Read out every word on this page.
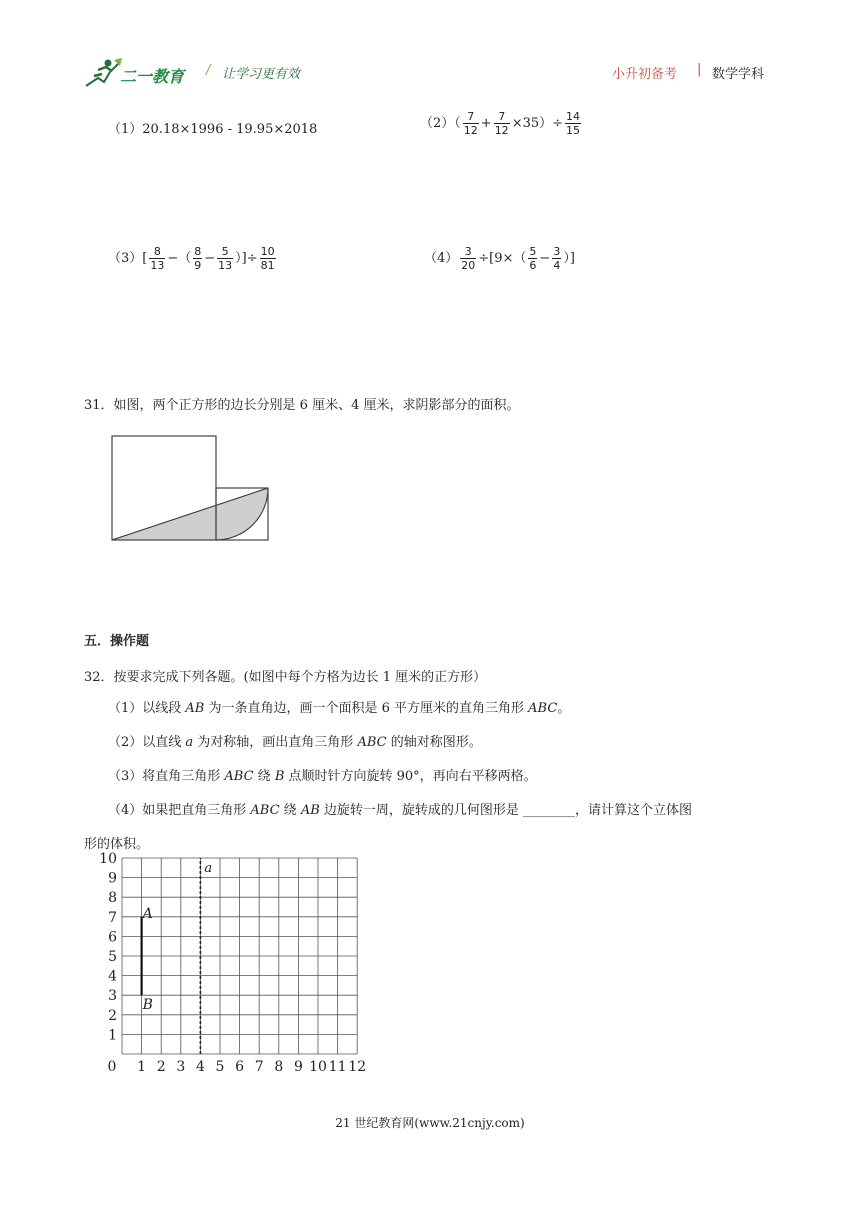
二一教育 / 让学习更有效	小升初备考 | 数学学科
（1）20.18×1996 - 19.95×2018	$(2)( \frac{7}{12} + \frac{7}{12} \times 35)\div \frac{14}{15}$
$(3)[ \frac{8}{13}$ −（ $\frac{8}{9} - \frac{5}{13}$ ）]÷ $\frac{10}{81}$	$(4) \frac{3}{20} \div[9\times( \frac{5}{6} - \frac{3}{4}$ ）]
31．如图，两个正方形的边长分别是 6 厘米、4 厘米，求阴影部分的面积。
五．操作题
32．按要求完成下列各题。(如图中每个方格为边长 1 厘米的正方形）
（1）以线段 AB 为一条直角边，画一个面积是 6 平方厘米的直角三角形 ABC。
（2）以直线 a 为对称轴，画出直角三角形 ABC 的轴对称图形。
（3）将直角三角形 ABC 绕 B 点顺时针方向旋转 90°，再向右平移两格。
（4）如果把直角三角形 ABC 绕 AB 边旋转一周，旋转成的几何图形是 ________，请计算这个立体图
形的体积。
10
9
8
7
6
5
4
3
2
1
0 1 2 3 4 5 6 7 8 9 10 11 12
a
A
B
21 世纪教育网(www.21cnjy.com)
